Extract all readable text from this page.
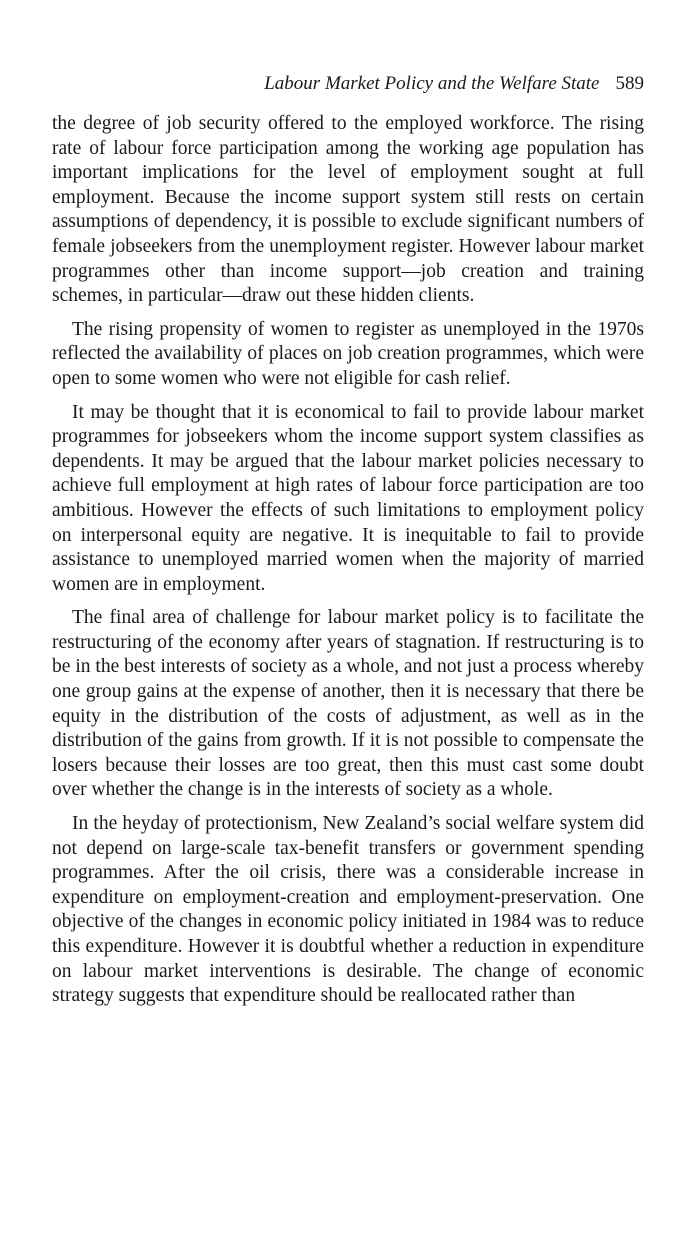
Labour Market Policy and the Welfare State 589

the degree of job security offered to the employed workforce. The rising rate of labour force participation among the working age population has important implications for the level of employment sought at full employment. Because the income support system still rests on certain assumptions of dependency, it is possible to exclude significant numbers of female jobseekers from the unemployment register. However labour market programmes other than income support—job creation and training schemes, in particular—draw out these hidden clients.

The rising propensity of women to register as unemployed in the 1970s reflected the availability of places on job creation programmes, which were open to some women who were not eligible for cash relief.

It may be thought that it is economical to fail to provide labour market programmes for jobseekers whom the income support system classifies as dependents. It may be argued that the labour market policies necessary to achieve full employment at high rates of labour force participation are too ambitious. However the effects of such limitations to employment policy on interpersonal equity are negative. It is inequitable to fail to provide assistance to unemployed married women when the majority of married women are in employment.

The final area of challenge for labour market policy is to facilitate the restructuring of the economy after years of stagnation. If restructuring is to be in the best interests of society as a whole, and not just a process whereby one group gains at the expense of another, then it is necessary that there be equity in the distribution of the costs of adjustment, as well as in the distribution of the gains from growth. If it is not possible to compensate the losers because their losses are too great, then this must cast some doubt over whether the change is in the interests of society as a whole.

In the heyday of protectionism, New Zealand’s social welfare system did not depend on large-scale tax-benefit transfers or government spending programmes. After the oil crisis, there was a considerable increase in expenditure on employment-creation and employment-preservation. One objective of the changes in economic policy initiated in 1984 was to reduce this expenditure. However it is doubtful whether a reduction in expenditure on labour market interventions is desirable. The change of economic strategy suggests that expenditure should be reallocated rather than
